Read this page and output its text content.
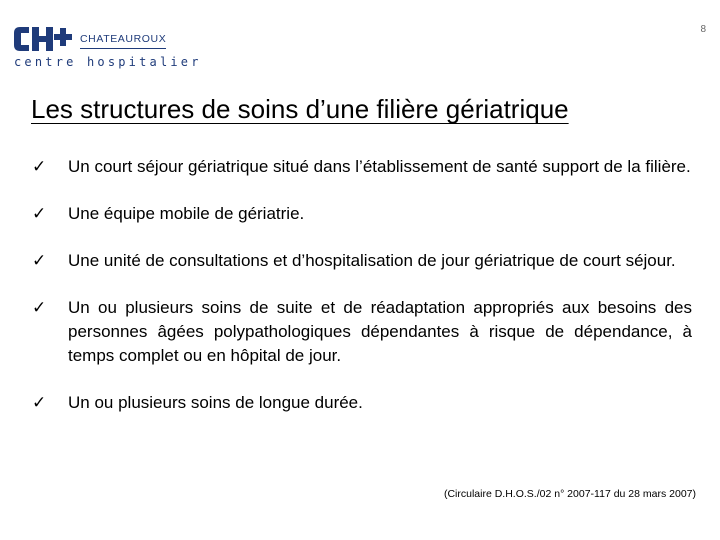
8
CHATEAUROUX
centre hospitalier
Les structures de soins d’une filière gériatrique
✓ Un court séjour gériatrique situé dans l’établissement de santé support de la filière.
✓ Une équipe mobile de gériatrie.
✓ Une unité de consultations et d’hospitalisation de jour gériatrique de court séjour.
✓ Un ou plusieurs soins de suite et de réadaptation appropriés aux besoins des personnes âgées polypathologiques dépendantes à risque de dépendance, à temps complet ou en hôpital de jour.
✓ Un ou plusieurs soins de longue durée.
(Circulaire D.H.O.S./02 n° 2007-117 du 28 mars 2007)
